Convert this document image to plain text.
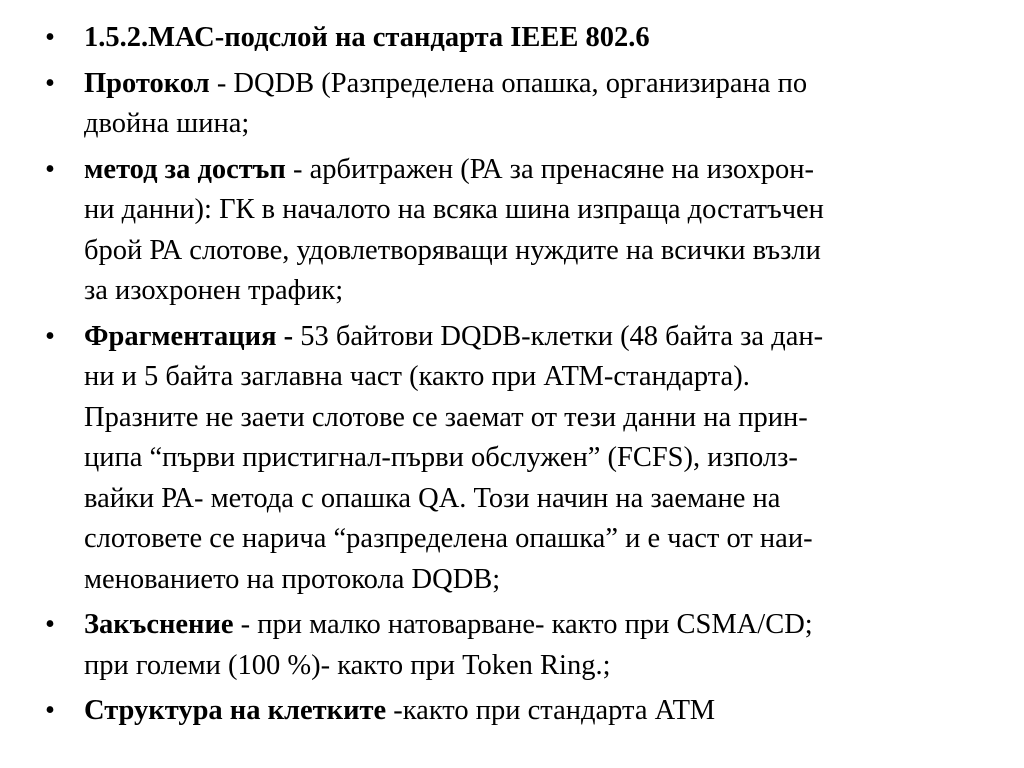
• 1.5.2.МАС-подслой на стандарта IEEE 802.6
• Протокол - DQDB (Разпределена опашка, организирана по
двойна шина;
• метод за достъп - арбитражен (РА за пренасяне на изохрон-
ни данни): ГК в началото на всяка шина изпраща достатъчен
брой РА слотове, удовлетворяващи нуждите на всички възли
за изохронен трафик;
• Фрагментация - 53 байтови DQDB-клетки (48 байта за дан-
ни и 5 байта заглавна част (както при АТМ-стандарта).
Празните не заети слотове се заемат от тези данни на прин-
ципа “първи пристигнал-първи обслужен” (FCFS), използ-
вайки РА- метода с опашка QA. Този начин на заемане на
слотовете се нарича “разпределена опашка” и е част от наи-
менованието на протокола DQDB;
• Закъснение - при малко натоварване- както при CSMA/CD;
при големи (100 %)- както при Token Ring.;
• Структура на клетките -както при стандарта АТМ
